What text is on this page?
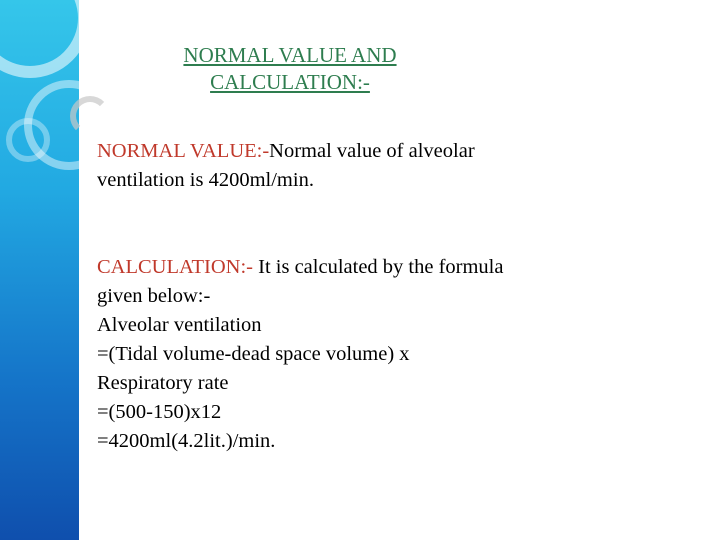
NORMAL VALUE AND
CALCULATION:-
NORMAL VALUE:-Normal value of alveolar
ventilation is 4200ml/min.
CALCULATION:- It is calculated by the formula
given below:-
Alveolar ventilation
=(Tidal volume-dead space volume) x
Respiratory rate
=(500-150)x12
=4200ml(4.2lit.)/min.
